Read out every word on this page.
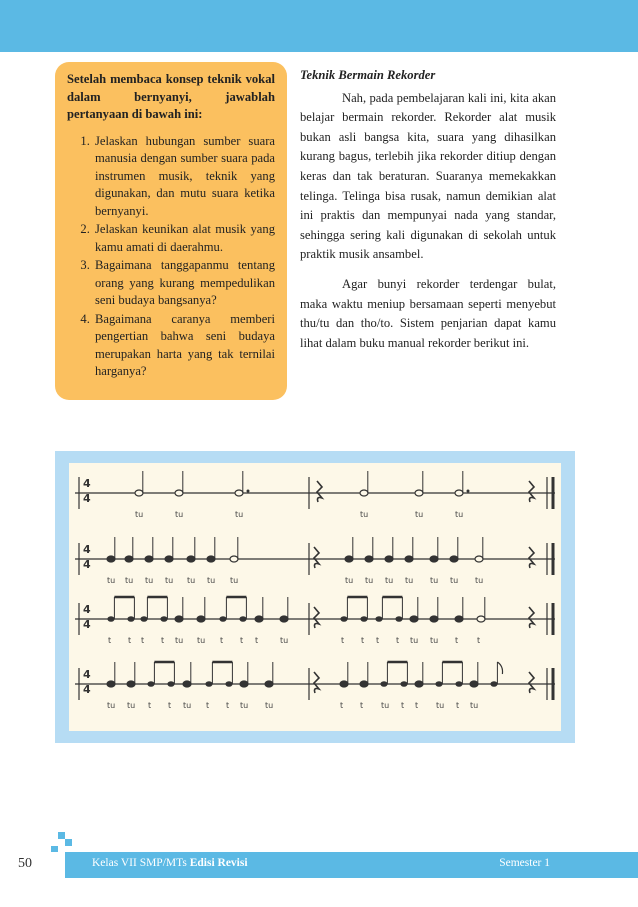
Setelah membaca konsep teknik vokal dalam bernyanyi, jawablah pertanyaan di bawah ini:

1. Jelaskan hubungan sumber suara manusia dengan sumber suara pada instrumen musik, teknik yang digunakan, dan mutu suara ketika bernyanyi.
2. Jelaskan keunikan alat musik yang kamu amati di daerahmu.
3. Bagaimana tanggapanmu tentang orang yang kurang mempedulikan seni budaya bangsanya?
4. Bagaimana caranya memberi pengertian bahwa seni budaya merupakan harta yang tak ternilai harganya?
Teknik Bermain Rekorder

Nah, pada pembelajaran kali ini, kita akan belajar bermain rekorder. Rekorder alat musik bukan asli bangsa kita, suara yang dihasilkan kurang bagus, terlebih jika rekorder ditiup dengan keras dan tak beraturan. Suaranya memekakkan telinga. Telinga bisa rusak, namun demikian alat ini praktis dan mempunyai nada yang standar, sehingga sering kali digunakan di sekolah untuk praktik musik ansambel.

Agar bunyi rekorder terdengar bulat, maka waktu meniup bersamaan seperti menyebut thu/tu dan tho/to. Sistem penjarian dapat kamu lihat dalam buku manual rekorder berikut ini.

4
4
tu	tu	tu	tu	tu	tu
4
4
tu tu tu tu tu tu tu	tu tu tu tu tu tu tu
4
4
t t t t tu tu t t t	tu	t t t t tu tu t t
4
4
tu tu t t tu t t tu tu	t t tu t t tu t tu
50	Kelas VII SMP/MTs Edisi Revisi	Semester 1
